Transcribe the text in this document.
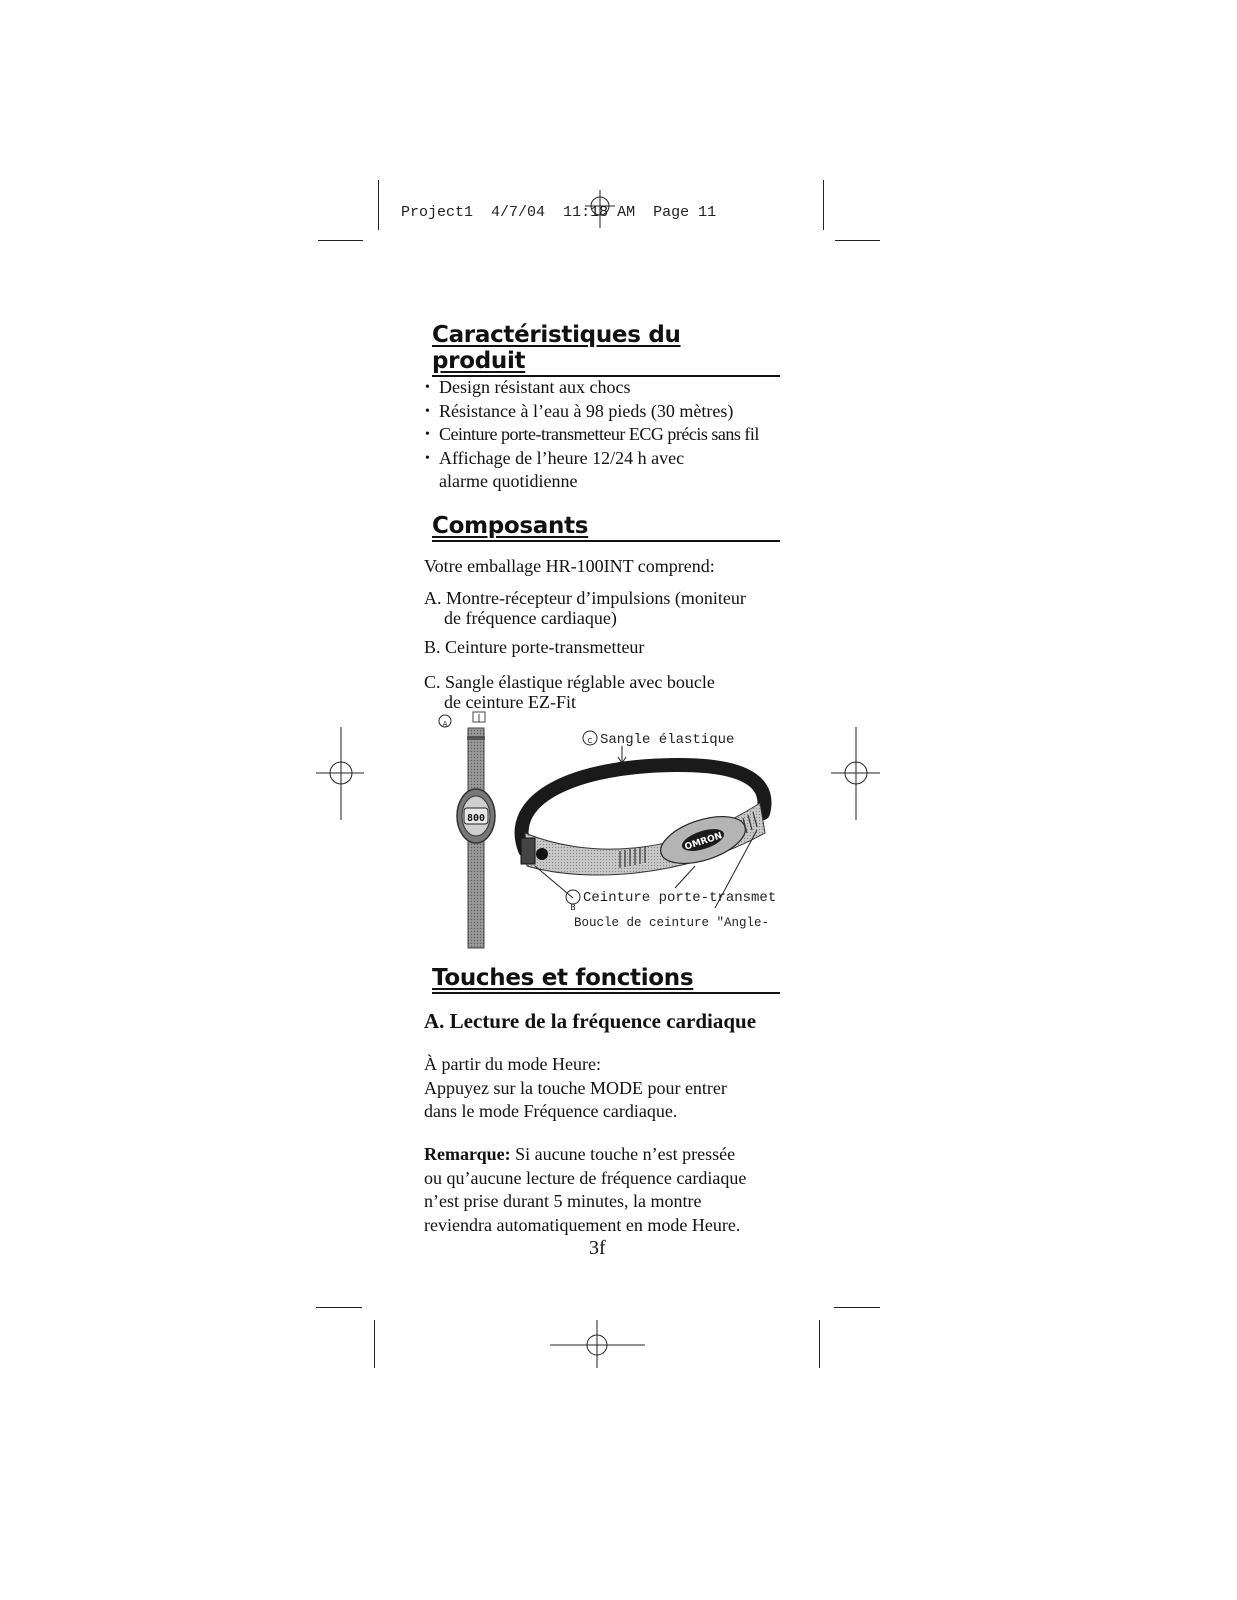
Project1 4/7/04 11:18 AM Page 11

Caractéristiques du produit
• Design résistant aux chocs
• Résistance à l’eau à 98 pieds (30 mètres)
• Ceinture porte-transmetteur ECG précis sans fil
• Affichage de l’heure 12/24 h avec
alarme quotidienne
Composants
Votre emballage HR-100INT comprend:
A. Montre-récepteur d’impulsions (moniteur
de fréquence cardiaque)
B. Ceinture porte-transmetteur
C. Sangle élastique réglable avec boucle
de ceinture EZ-Fit
800
A
OMRON
C Sangle élastique
B
Ceinture porte-transmet
Boucle de ceinture "Angle-
Touches et fonctions
A. Lecture de la fréquence cardiaque
À partir du mode Heure:
Appuyez sur la touche MODE pour entrer
dans le mode Fréquence cardiaque.
Remarque: Si aucune touche n’est pressée
ou qu’aucune lecture de fréquence cardiaque
n’est prise durant 5 minutes, la montre
reviendra automatiquement en mode Heure.
3f
